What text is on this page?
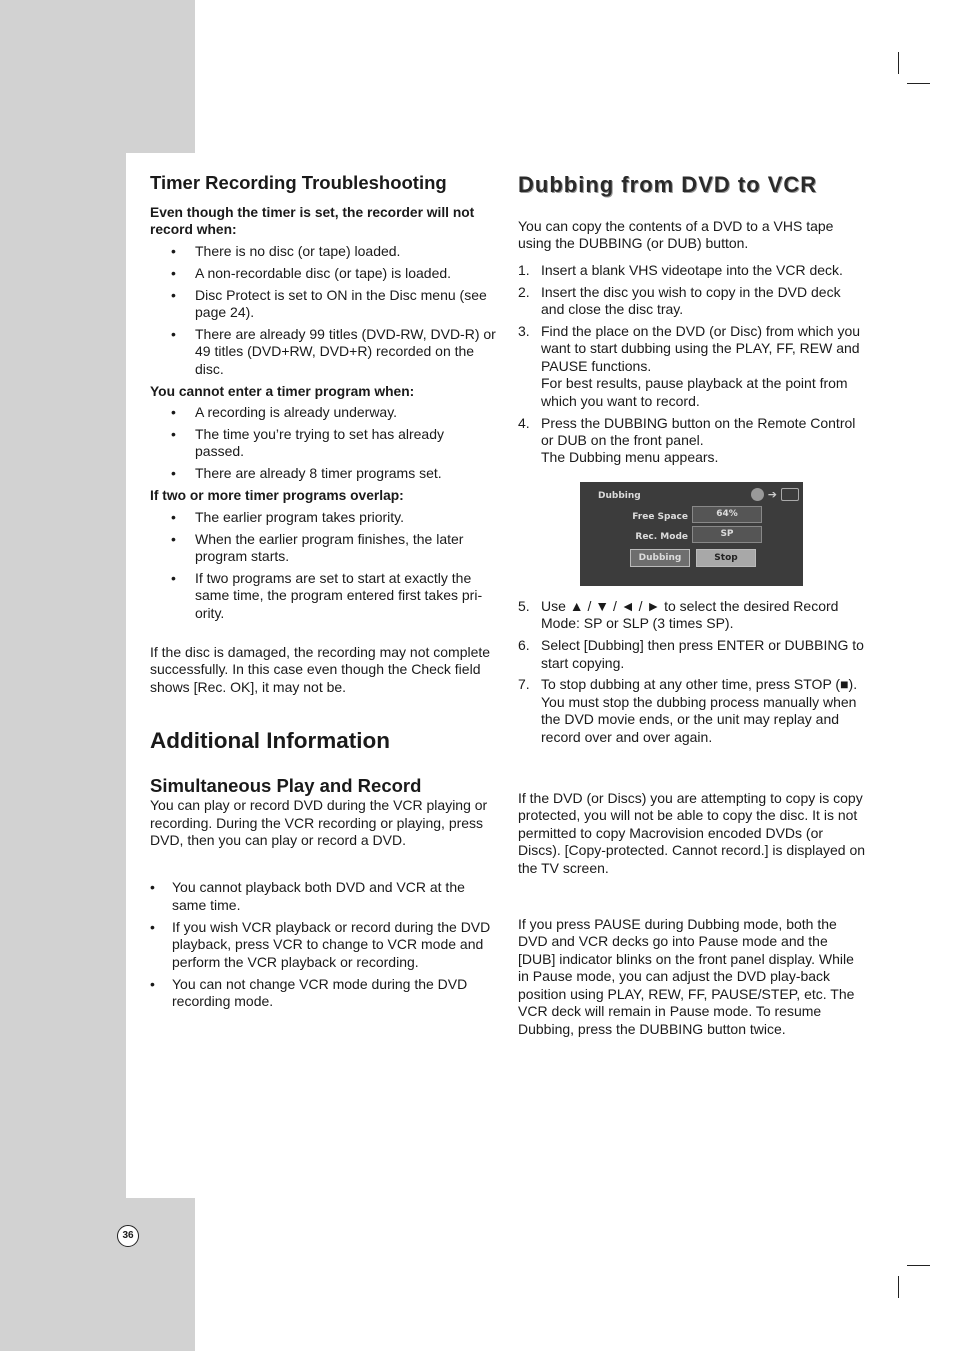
Timer Recording Troubleshooting

Even though the timer is set, the recorder will not record when:

• There is no disc (or tape) loaded.
• A non-recordable disc (or tape) is loaded.
• Disc Protect is set to ON in the Disc menu (see page 24).
• There are already 99 titles (DVD-RW, DVD-R) or 49 titles (DVD+RW, DVD+R) recorded on the disc.

You cannot enter a timer program when:

• A recording is already underway.
• The time you’re trying to set has already passed.
• There are already 8 timer programs set.

If two or more timer programs overlap:

• The earlier program takes priority.
• When the earlier program finishes, the later program starts.
• If two programs are set to start at exactly the same time, the program entered first takes pri-ority.

If the disc is damaged, the recording may not complete successfully. In this case even though the Check field shows [Rec. OK], it may not be.

Additional Information
Simultaneous Play and Record

You can play or record DVD during the VCR playing or recording. During the VCR recording or playing, press DVD, then you can play or record a DVD.

• You cannot playback both DVD and VCR at the same time.
• If you wish VCR playback or record during the DVD playback, press VCR to change to VCR mode and perform the VCR playback or recording.
• You can not change VCR mode during the DVD recording mode.
Dubbing from DVD to VCR

You can copy the contents of a DVD to a VHS tape using the DUBBING (or DUB) button.

1. Insert a blank VHS videotape into the VCR deck.
2. Insert the disc you wish to copy in the DVD deck and close the disc tray.
3. Find the place on the DVD (or Disc) from which you want to start dubbing using the PLAY, FF, REW and PAUSE functions.
For best results, pause playback at the point from which you want to record.
4. Press the DUBBING button on the Remote Control or DUB on the front panel.
The Dubbing menu appears.
Dubbing	➔
Free Space	64%
Rec. Mode	SP
Dubbing	Stop
5. Use ▲ / ▼ / ◄ / ► to select the desired Record Mode: SP or SLP (3 times SP).
6. Select [Dubbing] then press ENTER or DUBBING to start copying.
7. To stop dubbing at any other time, press STOP (■).
You must stop the dubbing process manually when the DVD movie ends, or the unit may replay and record over and over again.

If the DVD (or Discs) you are attempting to copy is copy protected, you will not be able to copy the disc. It is not permitted to copy Macrovision encoded DVDs (or Discs). [Copy-protected. Cannot record.] is displayed on the TV screen.

If you press PAUSE during Dubbing mode, both the DVD and VCR decks go into Pause mode and the [DUB] indicator blinks on the front panel display. While in Pause mode, you can adjust the DVD play-back position using PLAY, REW, FF, PAUSE/STEP, etc. The VCR deck will remain in Pause mode. To resume Dubbing, press the DUBBING button twice.

36
